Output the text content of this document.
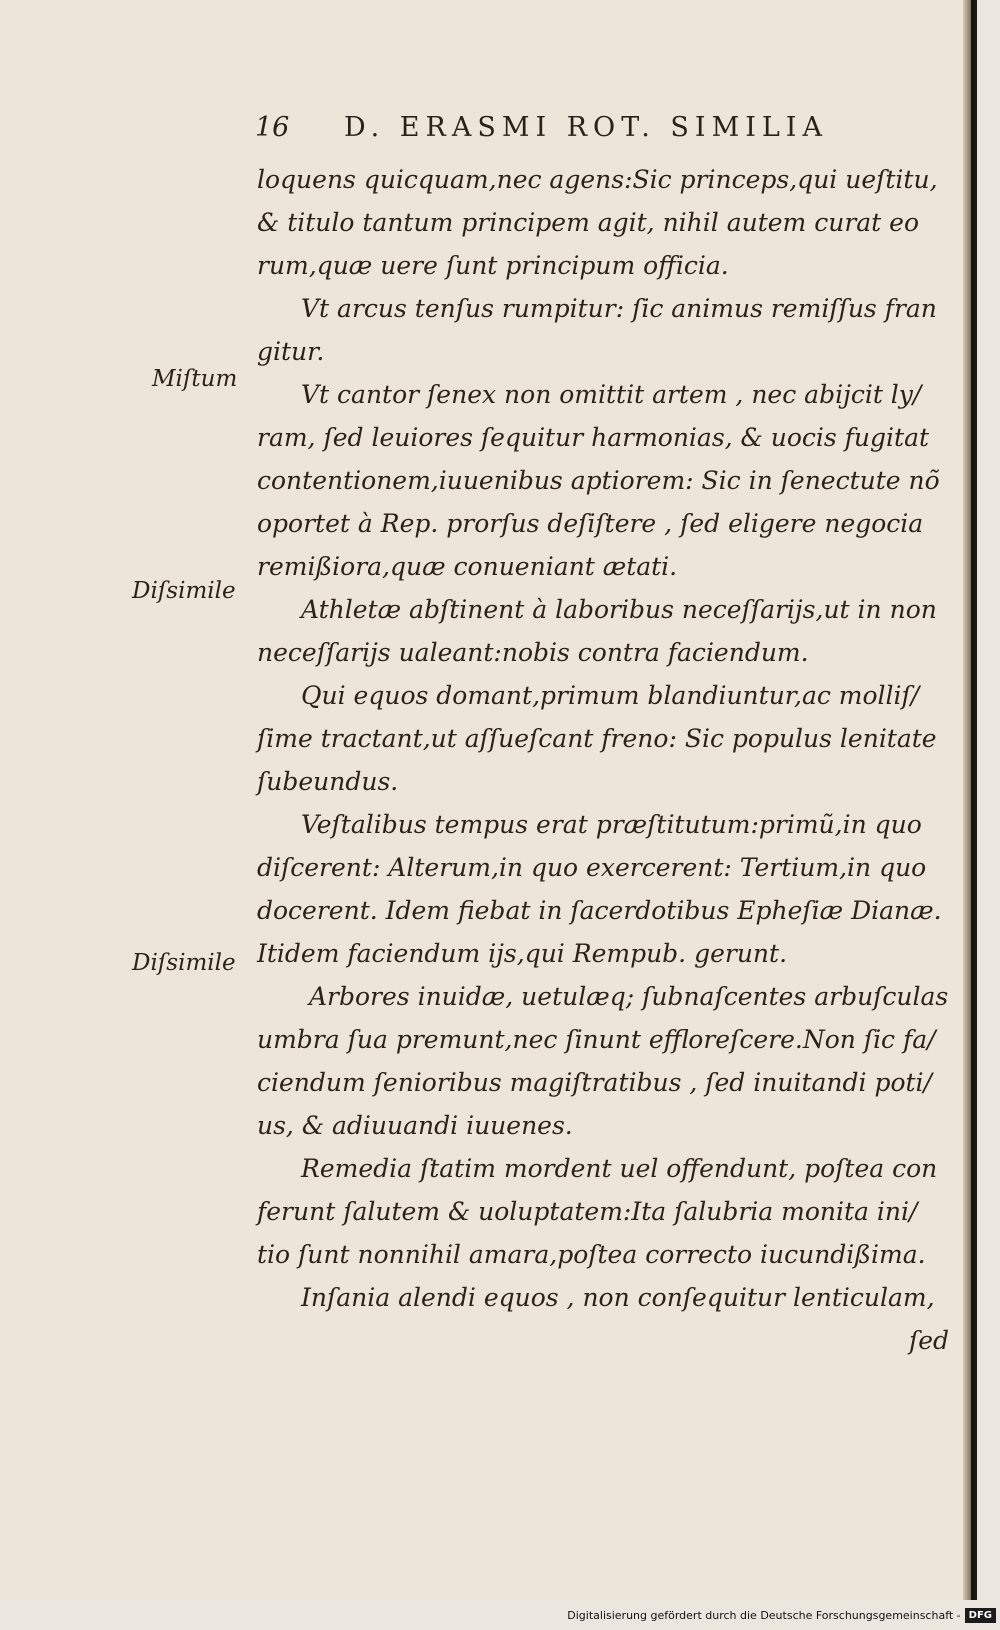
16 D. ERASMI ROT. SIMILIA
Miſtum
Diſsimile
Diſsimile
loquens quicquam,nec agens:Sic princeps,qui ueſtitu,
& titulo tantum principem agit, nihil autem curat eo
rum,quæ uere ſunt principum officia.
Vt arcus tenſus rumpitur: ſic animus remiſſus fran
gitur.
Vt cantor ſenex non omittit artem , nec abijcit ly/
ram, ſed leuiores ſequitur harmonias, & uocis fugitat
contentionem,iuuenibus aptiorem: Sic in ſenectute nõ
oportet à Rep. prorſus deſiſtere , ſed eligere negocia
remißiora,quæ conueniant ætati.
Athletæ abſtinent à laboribus neceſſarijs,ut in non
neceſſarijs ualeant:nobis contra faciendum.
Qui equos domant,primum blandiuntur,ac molliſ/
ſime tractant,ut aſſueſcant freno: Sic populus lenitate
ſubeundus.
Veſtalibus tempus erat præſtitutum:primũ,in quo
diſcerent: Alterum,in quo exercerent: Tertium,in quo
docerent. Idem fiebat in ſacerdotibus Epheſiæ Dianæ.
Itidem faciendum ijs,qui Rempub. gerunt.
Arbores inuidæ, uetulæq; ſubnaſcentes arbuſculas
umbra ſua premunt,nec ſinunt efflorеſcere.Non ſic fa/
ciendum ſenioribus magiſtratibus , ſed inuitandi poti/
us, & adiuuandi iuuenes.
Remedia ſtatim mordent uel offendunt, poſtea con
ferunt ſalutem & uoluptatem:Ita ſalubria monita ini/
tio ſunt nonnihil amara,poſtea correcto iucundißima.
Inſania alendi equos , non conſequitur lenticulam,
ſed
Digitalisierung gefördert durch die Deutsche Forschungsgemeinschaft - DFG
